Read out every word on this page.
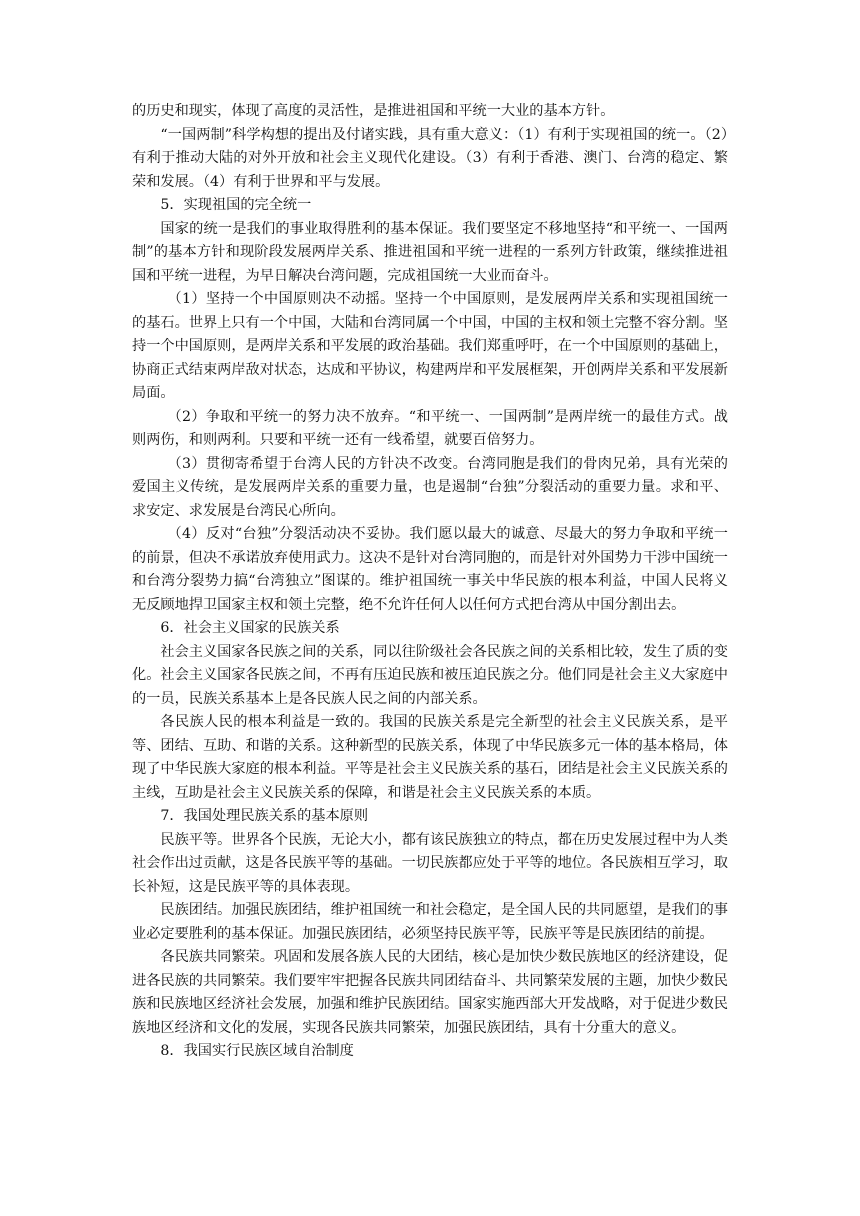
的历史和现实，体现了高度的灵活性，是推进祖国和平统一大业的基本方针。

“一国两制”科学构想的提出及付诸实践，具有重大意义：（1）有利于实现祖国的统一。（2）有利于推动大陆的对外开放和社会主义现代化建设。（3）有利于香港、澳门、台湾的稳定、繁荣和发展。（4）有利于世界和平与发展。

5．实现祖国的完全统一

国家的统一是我们的事业取得胜利的基本保证。我们要坚定不移地坚持“和平统一、一国两制”的基本方针和现阶段发展两岸关系、推进祖国和平统一进程的一系列方针政策，继续推进祖国和平统一进程，为早日解决台湾问题，完成祖国统一大业而奋斗。

（1）坚持一个中国原则决不动摇。坚持一个中国原则，是发展两岸关系和实现祖国统一的基石。世界上只有一个中国，大陆和台湾同属一个中国，中国的主权和领土完整不容分割。坚持一个中国原则，是两岸关系和平发展的政治基础。我们郑重呼吁，在一个中国原则的基础上，协商正式结束两岸敌对状态，达成和平协议，构建两岸和平发展框架，开创两岸关系和平发展新局面。

（2）争取和平统一的努力决不放弃。“和平统一、一国两制”是两岸统一的最佳方式。战则两伤，和则两利。只要和平统一还有一线希望，就要百倍努力。

（3）贯彻寄希望于台湾人民的方针决不改变。台湾同胞是我们的骨肉兄弟，具有光荣的爱国主义传统，是发展两岸关系的重要力量，也是遏制“台独”分裂活动的重要力量。求和平、求安定、求发展是台湾民心所向。

（4）反对“台独”分裂活动决不妥协。我们愿以最大的诚意、尽最大的努力争取和平统一的前景，但决不承诺放弃使用武力。这决不是针对台湾同胞的，而是针对外国势力干涉中国统一和台湾分裂势力搞“台湾独立”图谋的。维护祖国统一事关中华民族的根本利益，中国人民将义无反顾地捍卫国家主权和领土完整，绝不允许任何人以任何方式把台湾从中国分割出去。

6．社会主义国家的民族关系

社会主义国家各民族之间的关系，同以往阶级社会各民族之间的关系相比较，发生了质的变化。社会主义国家各民族之间，不再有压迫民族和被压迫民族之分。他们同是社会主义大家庭中的一员，民族关系基本上是各民族人民之间的内部关系。

各民族人民的根本利益是一致的。我国的民族关系是完全新型的社会主义民族关系，是平等、团结、互助、和谐的关系。这种新型的民族关系，体现了中华民族多元一体的基本格局，体现了中华民族大家庭的根本利益。平等是社会主义民族关系的基石，团结是社会主义民族关系的主线，互助是社会主义民族关系的保障，和谐是社会主义民族关系的本质。

7．我国处理民族关系的基本原则

民族平等。世界各个民族，无论大小，都有该民族独立的特点，都在历史发展过程中为人类社会作出过贡献，这是各民族平等的基础。一切民族都应处于平等的地位。各民族相互学习，取长补短，这是民族平等的具体表现。

民族团结。加强民族团结，维护祖国统一和社会稳定，是全国人民的共同愿望，是我们的事业必定要胜利的基本保证。加强民族团结，必须坚持民族平等，民族平等是民族团结的前提。

各民族共同繁荣。巩固和发展各族人民的大团结，核心是加快少数民族地区的经济建设，促进各民族的共同繁荣。我们要牢牢把握各民族共同团结奋斗、共同繁荣发展的主题，加快少数民族和民族地区经济社会发展，加强和维护民族团结。国家实施西部大开发战略，对于促进少数民族地区经济和文化的发展，实现各民族共同繁荣，加强民族团结，具有十分重大的意义。

8．我国实行民族区域自治制度
